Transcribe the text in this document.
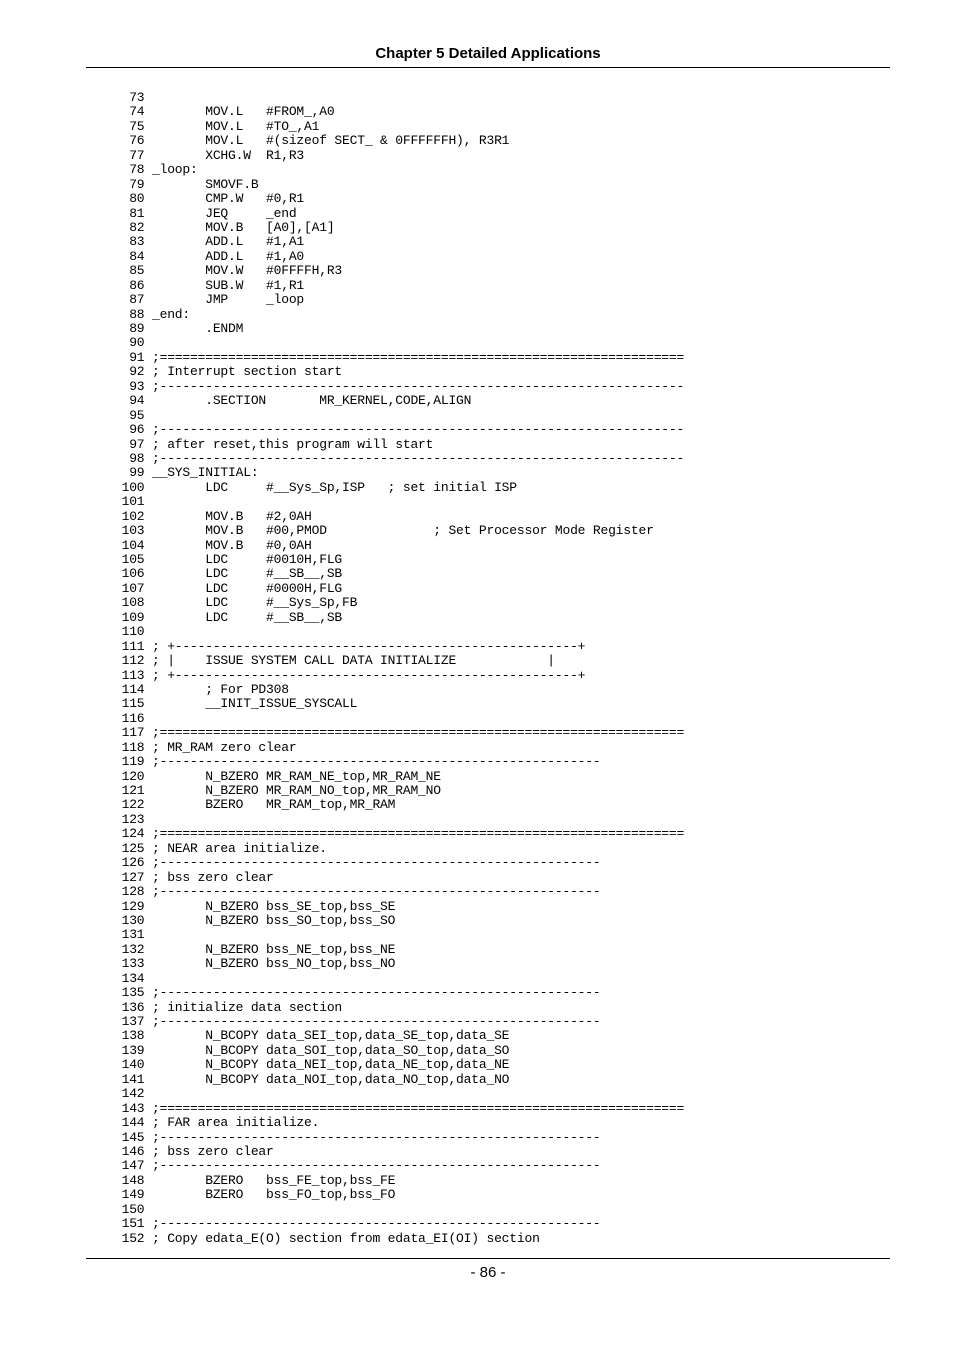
Chapter 5 Detailed Applications
73
74        MOV.L   #FROM_,A0
75        MOV.L   #TO_,A1
76        MOV.L   #(sizeof SECT_ & 0FFFFFFH), R3R1
77        XCHG.W  R1,R3
78 _loop:
79        SMOVF.B
80        CMP.W   #0,R1
81        JEQ     _end
82        MOV.B   [A0],[A1]
83        ADD.L   #1,A1
84        ADD.L   #1,A0
85        MOV.W   #0FFFFH,R3
86        SUB.W   #1,R1
87        JMP     _loop
88 _end:
89        .ENDM
90
91 ;=====================================================================
92 ; Interrupt section start
93 ;---------------------------------------------------------------------
94        .SECTION       MR_KERNEL,CODE,ALIGN
95
96 ;---------------------------------------------------------------------
97 ; after reset,this program will start
98 ;---------------------------------------------------------------------
99 __SYS_INITIAL:
100        LDC     #__Sys_Sp,ISP   ; set initial ISP
101
102        MOV.B   #2,0AH
103        MOV.B   #00,PMOD              ; Set Processor Mode Register
104        MOV.B   #0,0AH
105        LDC     #0010H,FLG
106        LDC     #__SB__,SB
107        LDC     #0000H,FLG
108        LDC     #__Sys_Sp,FB
109        LDC     #__SB__,SB
110
111 ; +-----------------------------------------------------+
112 ; |    ISSUE SYSTEM CALL DATA INITIALIZE            |
113 ; +-----------------------------------------------------+
114        ; For PD308
115        __INIT_ISSUE_SYSCALL
116
117 ;=====================================================================
118 ; MR_RAM zero clear
119 ;----------------------------------------------------------
120        N_BZERO MR_RAM_NE_top,MR_RAM_NE
121        N_BZERO MR_RAM_NO_top,MR_RAM_NO
122        BZERO   MR_RAM_top,MR_RAM
123
124 ;=====================================================================
125 ; NEAR area initialize.
126 ;----------------------------------------------------------
127 ; bss zero clear
128 ;----------------------------------------------------------
129        N_BZERO bss_SE_top,bss_SE
130        N_BZERO bss_SO_top,bss_SO
131
132        N_BZERO bss_NE_top,bss_NE
133        N_BZERO bss_NO_top,bss_NO
134
135 ;----------------------------------------------------------
136 ; initialize data section
137 ;----------------------------------------------------------
138        N_BCOPY data_SEI_top,data_SE_top,data_SE
139        N_BCOPY data_SOI_top,data_SO_top,data_SO
140        N_BCOPY data_NEI_top,data_NE_top,data_NE
141        N_BCOPY data_NOI_top,data_NO_top,data_NO
142
143 ;=====================================================================
144 ; FAR area initialize.
145 ;----------------------------------------------------------
146 ; bss zero clear
147 ;----------------------------------------------------------
148        BZERO   bss_FE_top,bss_FE
149        BZERO   bss_FO_top,bss_FO
150
151 ;----------------------------------------------------------
152 ; Copy edata_E(O) section from edata_EI(OI) section
- 86 -
